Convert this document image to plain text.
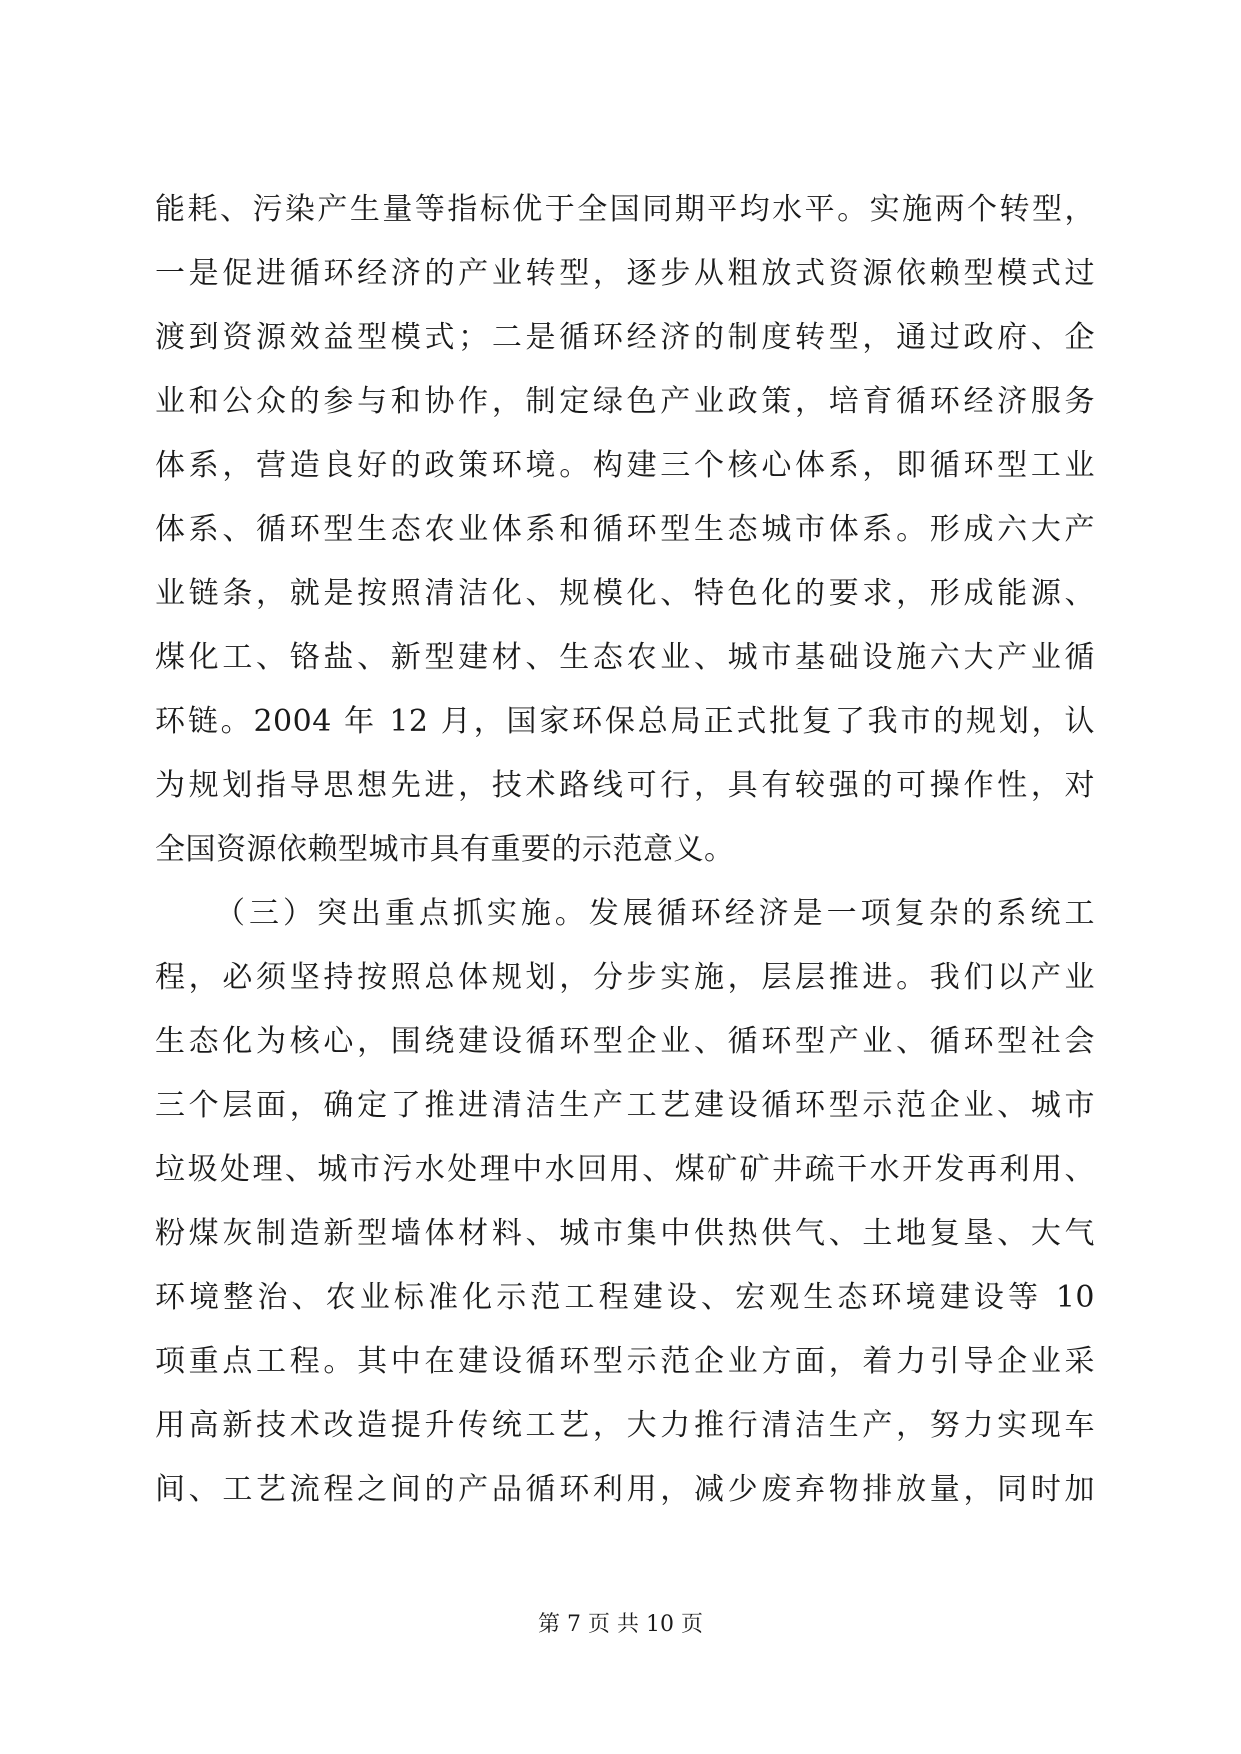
能耗、污染产生量等指标优于全国同期平均水平。实施两个转型，
一是促进循环经济的产业转型，逐步从粗放式资源依赖型模式过
渡到资源效益型模式；二是循环经济的制度转型，通过政府、企
业和公众的参与和协作，制定绿色产业政策，培育循环经济服务
体系，营造良好的政策环境。构建三个核心体系，即循环型工业
体系、循环型生态农业体系和循环型生态城市体系。形成六大产
业链条，就是按照清洁化、规模化、特色化的要求，形成能源、
煤化工、铬盐、新型建材、生态农业、城市基础设施六大产业循
环链。2004 年 12 月，国家环保总局正式批复了我市的规划，认
为规划指导思想先进，技术路线可行，具有较强的可操作性，对
全国资源依赖型城市具有重要的示范意义。
（三）突出重点抓实施。发展循环经济是一项复杂的系统工
程，必须坚持按照总体规划，分步实施，层层推进。我们以产业
生态化为核心，围绕建设循环型企业、循环型产业、循环型社会
三个层面，确定了推进清洁生产工艺建设循环型示范企业、城市
垃圾处理、城市污水处理中水回用、煤矿矿井疏干水开发再利用、
粉煤灰制造新型墙体材料、城市集中供热供气、土地复垦、大气
环境整治、农业标准化示范工程建设、宏观生态环境建设等 10
项重点工程。其中在建设循环型示范企业方面，着力引导企业采
用高新技术改造提升传统工艺，大力推行清洁生产，努力实现车
间、工艺流程之间的产品循环利用，减少废弃物排放量，同时加
第 7 页 共 10 页
